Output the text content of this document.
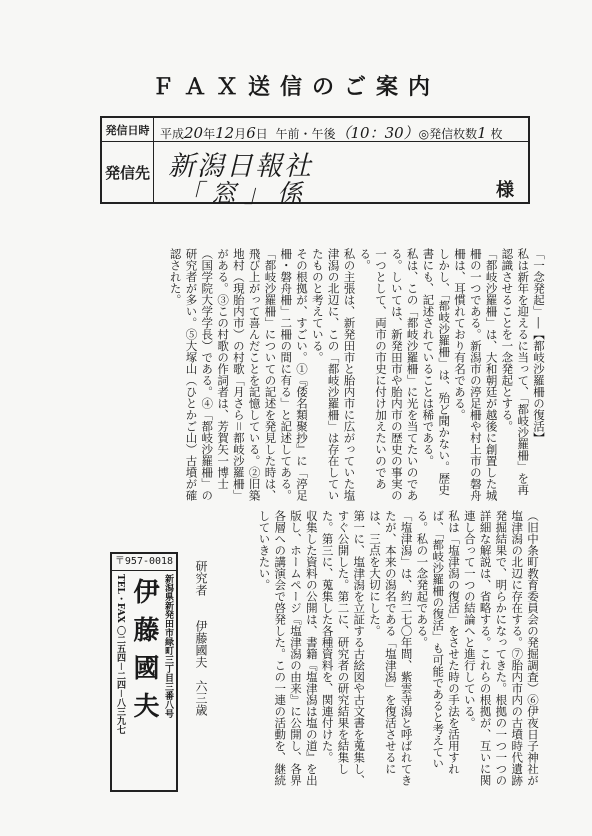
ＦＡＸ送信のご案内
発信日時 平成20年12月6日 午前・午後（10：30）◎発信枚数1 枚
発信先 新潟日報社
「窓」係	様
「一念発起」―【都岐沙羅柵の復活】
私は新年を迎えるに当って、「都岐沙羅柵」を再認識させることを一念発起とする。
「都岐沙羅柵」は、大和朝廷が越後に創置した城柵の一つである。新潟市の渟足柵や村上市の磐舟柵は、耳慣れており有名である。
しかし、「都岐沙羅柵」は、殆ど聞かない。歴史書にも、記述されていることは稀である。
私は、この「都岐沙羅柵」に光を当てたいのである。しいては、新発田市や胎内市の歴史の事実の一つとして、両市の市史に付け加えたいのである。
私の主張は、新発田市と胎内市に広がっていた塩津潟の北辺に、この「都岐沙羅柵」は存在していたものと考えている。
その根拠が、すごい。①『倭名類聚抄』に「渟足柵・磐舟柵」二柵の間に有る」と記述してある。「都岐沙羅柵」についての記述を発見した時は、飛び上がって喜んだことを記憶している。②旧築地村（現胎内市）の村歌「月さら＝都岐沙羅柵」がある。③この村歌の作詞者は、芳賀矢一博士（国学院大学学長）である。④「都岐沙羅柵」の研究者が多い。⑤大塚山（ひとかご山）古墳が確認された。
（旧中条町教育委員会の発掘調査）⑥伊夜日子神社が塩津潟の北辺に存在する。⑦胎内市内の古墳時代遺跡発掘結果で、明らかになってきた。根拠の一つ一つの詳細な解説は、省略する。これらの根拠が、互いに関連し合って一つの結論へと進行している。
私は「塩津潟の復活」をさせた時の手法を活用すれば、「都岐沙羅柵の復活」も可能であると考えている。私の一念発起である。
「塩津潟」は、約二七〇年間、紫雲寺潟と呼ばれてきたが、本来の潟名である「塩津潟」を復活させるには、三点を大切にした。
第一に、塩津潟を立証する古絵図や古文書を蒐集し、すぐ公開した。第二に、研究者の研究結果を結集した。第三に、蒐集した各種資料を、関連付けた。
収集した資料の公開は、書籍『塩津潟は塩の道』を出版し、ホームページ『塩津潟の由来』に公開し、各界各層への講演会で啓発した。この一連の活動を、継続していきたい。
研究者　　伊藤國夫　六三歳
〒957-0018
新潟県新発田市緑町三丁目三番八号
伊藤國夫
TEL・FAX 〇二五四－二四－八三九七
